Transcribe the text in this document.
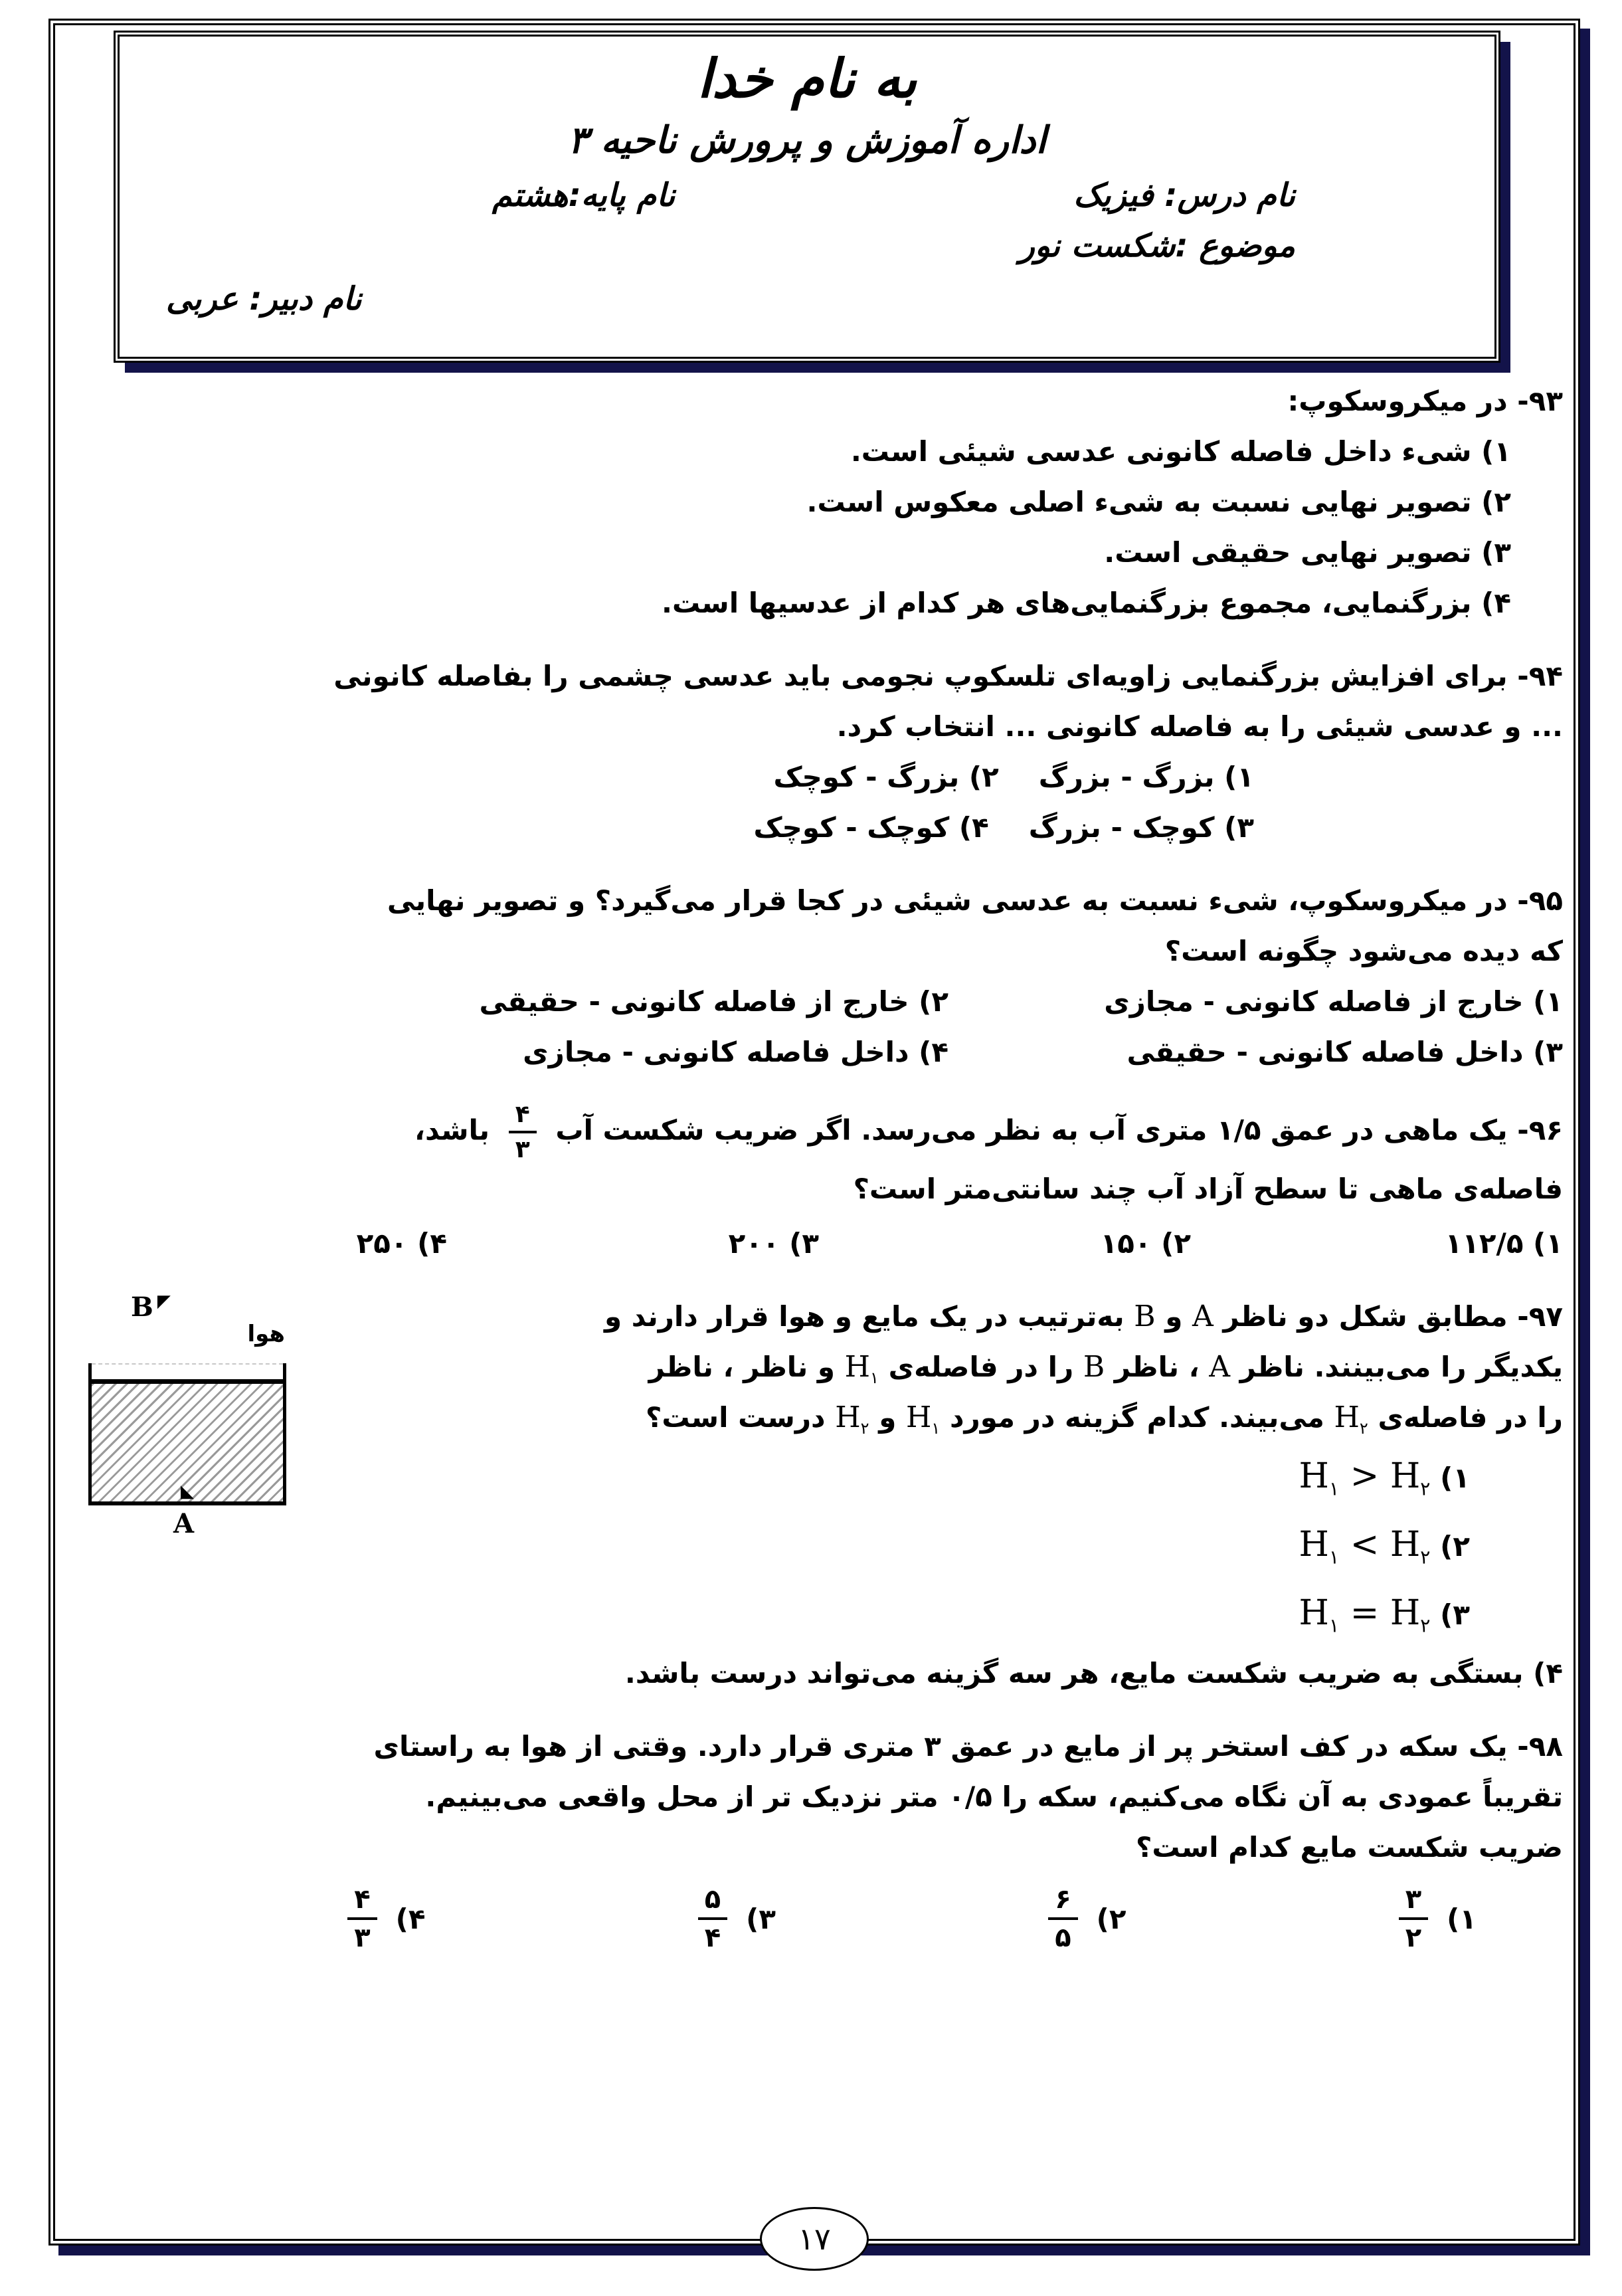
به نام خدا
اداره آموزش و پرورش ناحیه ۳
نام درس: فیزیک
نام پایه:هشتم
موضوع :شکست نور
نام دبیر: عربی
۹۳- در میکروسکوپ:
۱) شیء داخل فاصله کانونی عدسی شیئی است.
۲) تصویر نهایی نسبت به شیء اصلی معکوس است.
۳) تصویر نهایی حقیقی است.
۴) بزرگنمایی، مجموع بزرگنمایی‌های هر کدام از عدسیها است.
۹۴- برای افزایش بزرگنمایی زاویه‌ای تلسکوپ نجومی باید عدسی چشمی را بفاصله کانونی
... و عدسی شیئی را به فاصله کانونی ... انتخاب کرد.
۱) بزرگ - بزرگ
۲) بزرگ - کوچک
۳) کوچک - بزرگ
۴) کوچک - کوچک
۹۵- در میکروسکوپ، شیء نسبت به عدسی شیئی در کجا قرار می‌گیرد؟ و تصویر نهایی
که دیده می‌شود چگونه است؟
۱) خارج از فاصله کانونی - مجازی
۲) خارج از فاصله کانونی - حقیقی
۳) داخل فاصله کانونی - حقیقی
۴) داخل فاصله کانونی - مجازی
۹۶- یک ماهی در عمق ۱/۵ متری آب به نظر می‌رسد. اگر ضریب شکست آب
$\frac{۴}{۳}$
باشد،
فاصله‌ی ماهی تا سطح آزاد آب چند سانتی‌متر است؟
۱) ۱۱۲/۵
۲) ۱۵۰
۳) ۲۰۰
۴) ۲۵۰
◤
B
هوا
◣
A
۹۷- مطابق شکل دو ناظر A و B به‌ترتیب در یک مایع و هوا قرار دارند و
یکدیگر را می‌بینند. ناظر A ، ناظر B را در فاصله‌ی $H_۱$ و ناظر ، ناظر
را در فاصله‌ی $H_۲$ می‌بیند. کدام گزینه در مورد $H_۱$ و $H_۲$ درست است؟
۱) $H_۱ > H_۲$
۲) $H_۱ < H_۲$
۳) $H_۱ = H_۲$
۴) بستگی به ضریب شکست مایع، هر سه گزینه می‌تواند درست باشد.
۹۸- یک سکه در کف استخر پر از مایع در عمق ۳ متری قرار دارد. وقتی از هوا به راستای
تقریباً عمودی به آن نگاه می‌کنیم، سکه را ۰/۵ متر نزدیک تر از محل واقعی می‌بینیم.
ضریب شکست مایع کدام است؟
۱)
$\frac{۳}{۲}$
۲)
$\frac{۶}{۵}$
۳)
$\frac{۵}{۴}$
۴)
$\frac{۴}{۳}$
۱۷
